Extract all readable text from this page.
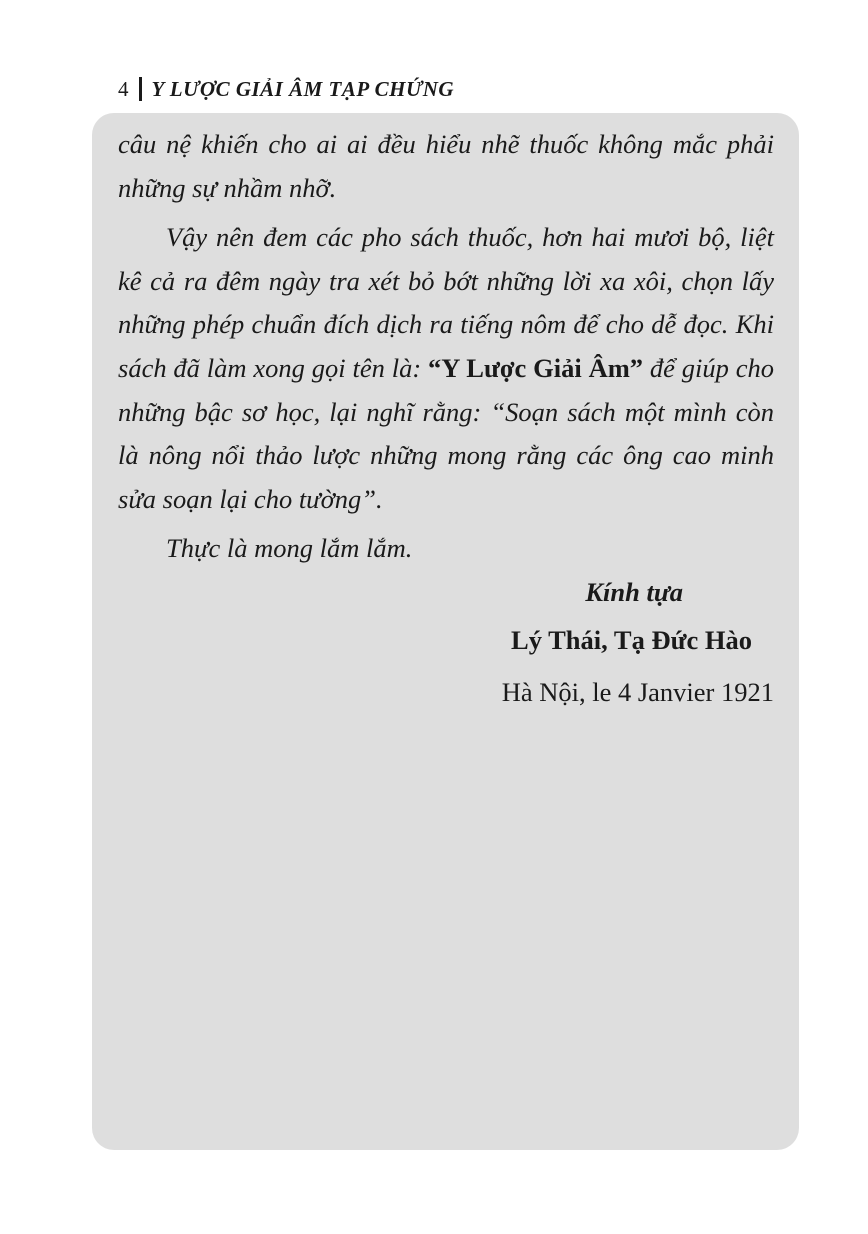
4 Y LƯỢC GIẢI ÂM TẠP CHỨNG

câu nệ khiến cho ai ai đều hiểu nhẽ thuốc không mắc phải những sự nhầm nhỡ.

Vậy nên đem các pho sách thuốc, hơn hai mươi bộ, liệt kê cả ra đêm ngày tra xét bỏ bớt những lời xa xôi, chọn lấy những phép chuẩn đích dịch ra tiếng nôm để cho dễ đọc. Khi sách đã làm xong gọi tên là: “Y Lược Giải Âm” để giúp cho những bậc sơ học, lại nghĩ rằng: “Soạn sách một mình còn là nông nổi thảo lược những mong rằng các ông cao minh sửa soạn lại cho tường”.

Thực là mong lắm lắm.

Kính tựa
Lý Thái, Tạ Đức Hào
Hà Nội, le 4 Janvier 1921
